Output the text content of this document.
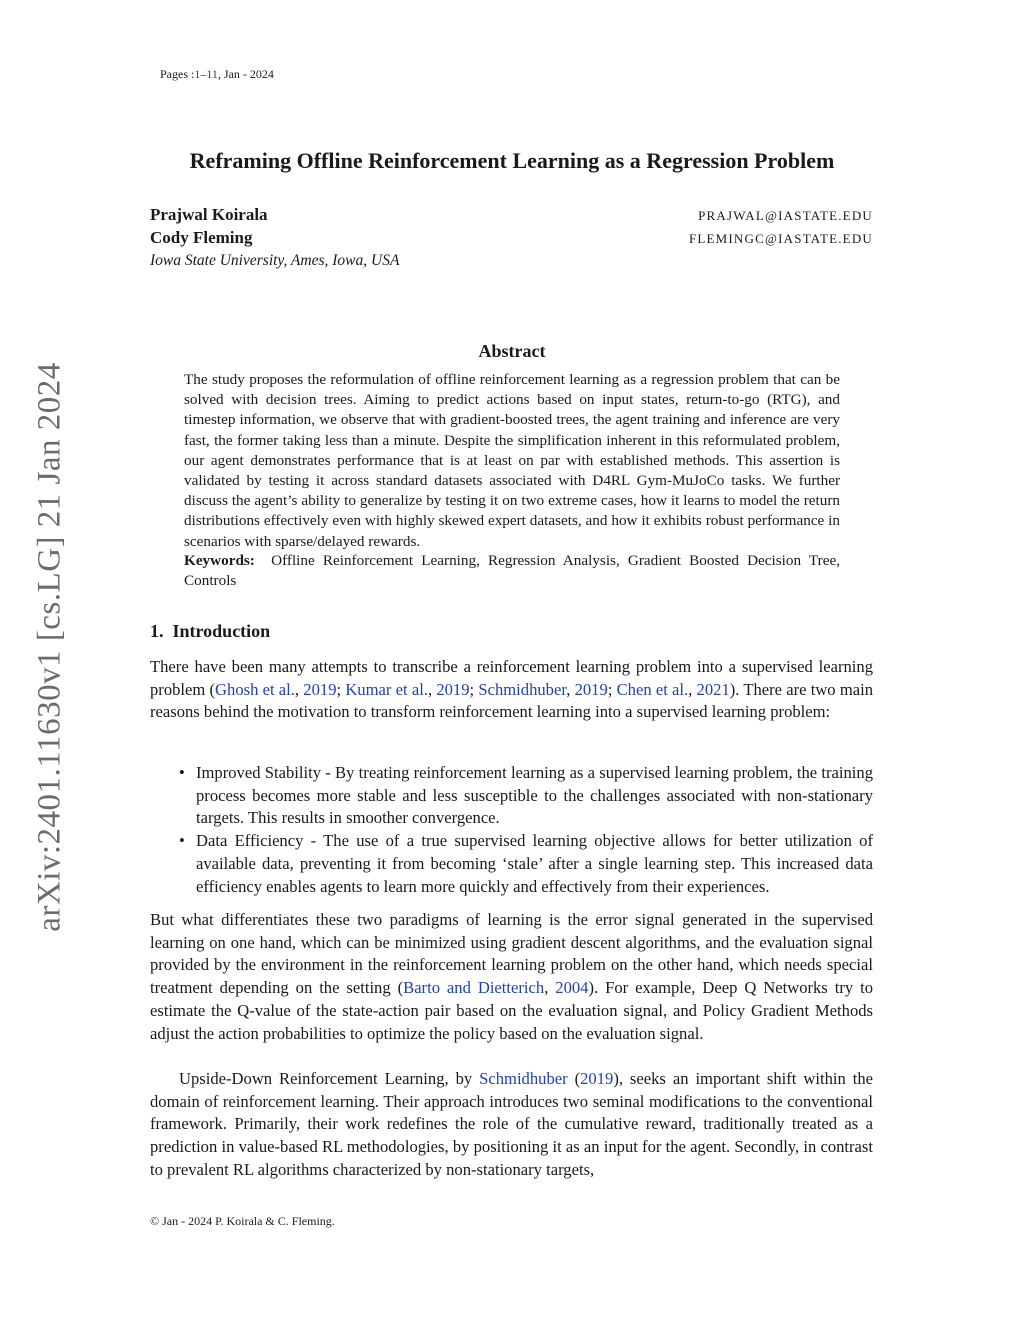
Pages :1–11, Jan - 2024
arXiv:2401.11630v1 [cs.LG] 21 Jan 2024
Reframing Offline Reinforcement Learning as a Regression Problem
Prajwal Koirala	PRAJWAL@IASTATE.EDU
Cody Fleming	FLEMINGC@IASTATE.EDU
Iowa State University, Ames, Iowa, USA
Abstract
The study proposes the reformulation of offline reinforcement learning as a regression problem that can be solved with decision trees. Aiming to predict actions based on input states, return-to-go (RTG), and timestep information, we observe that with gradient-boosted trees, the agent training and inference are very fast, the former taking less than a minute. Despite the simplification inherent in this reformulated problem, our agent demonstrates performance that is at least on par with established methods. This assertion is validated by testing it across standard datasets associated with D4RL Gym-MuJoCo tasks. We further discuss the agent’s ability to generalize by testing it on two extreme cases, how it learns to model the return distributions effectively even with highly skewed expert datasets, and how it exhibits robust performance in scenarios with sparse/delayed rewards.
Keywords: Offline Reinforcement Learning, Regression Analysis, Gradient Boosted Decision Tree, Controls
1. Introduction

There have been many attempts to transcribe a reinforcement learning problem into a supervised learning problem (Ghosh et al., 2019; Kumar et al., 2019; Schmidhuber, 2019; Chen et al., 2021). There are two main reasons behind the motivation to transform reinforcement learning into a supervised learning problem:

• Improved Stability - By treating reinforcement learning as a supervised learning problem, the training process becomes more stable and less susceptible to the challenges associated with non-stationary targets. This results in smoother convergence.
• Data Efficiency - The use of a true supervised learning objective allows for better utilization of available data, preventing it from becoming ‘stale’ after a single learning step. This increased data efficiency enables agents to learn more quickly and effectively from their experiences.

But what differentiates these two paradigms of learning is the error signal generated in the supervised learning on one hand, which can be minimized using gradient descent algorithms, and the evaluation signal provided by the environment in the reinforcement learning problem on the other hand, which needs special treatment depending on the setting (Barto and Dietterich, 2004). For example, Deep Q Networks try to estimate the Q-value of the state-action pair based on the evaluation signal, and Policy Gradient Methods adjust the action probabilities to optimize the policy based on the evaluation signal.

Upside-Down Reinforcement Learning, by Schmidhuber (2019), seeks an important shift within the domain of reinforcement learning. Their approach introduces two seminal modifications to the conventional framework. Primarily, their work redefines the role of the cumulative reward, traditionally treated as a prediction in value-based RL methodologies, by positioning it as an input for the agent. Secondly, in contrast to prevalent RL algorithms characterized by non-stationary targets,

© Jan - 2024 P. Koirala & C. Fleming.
